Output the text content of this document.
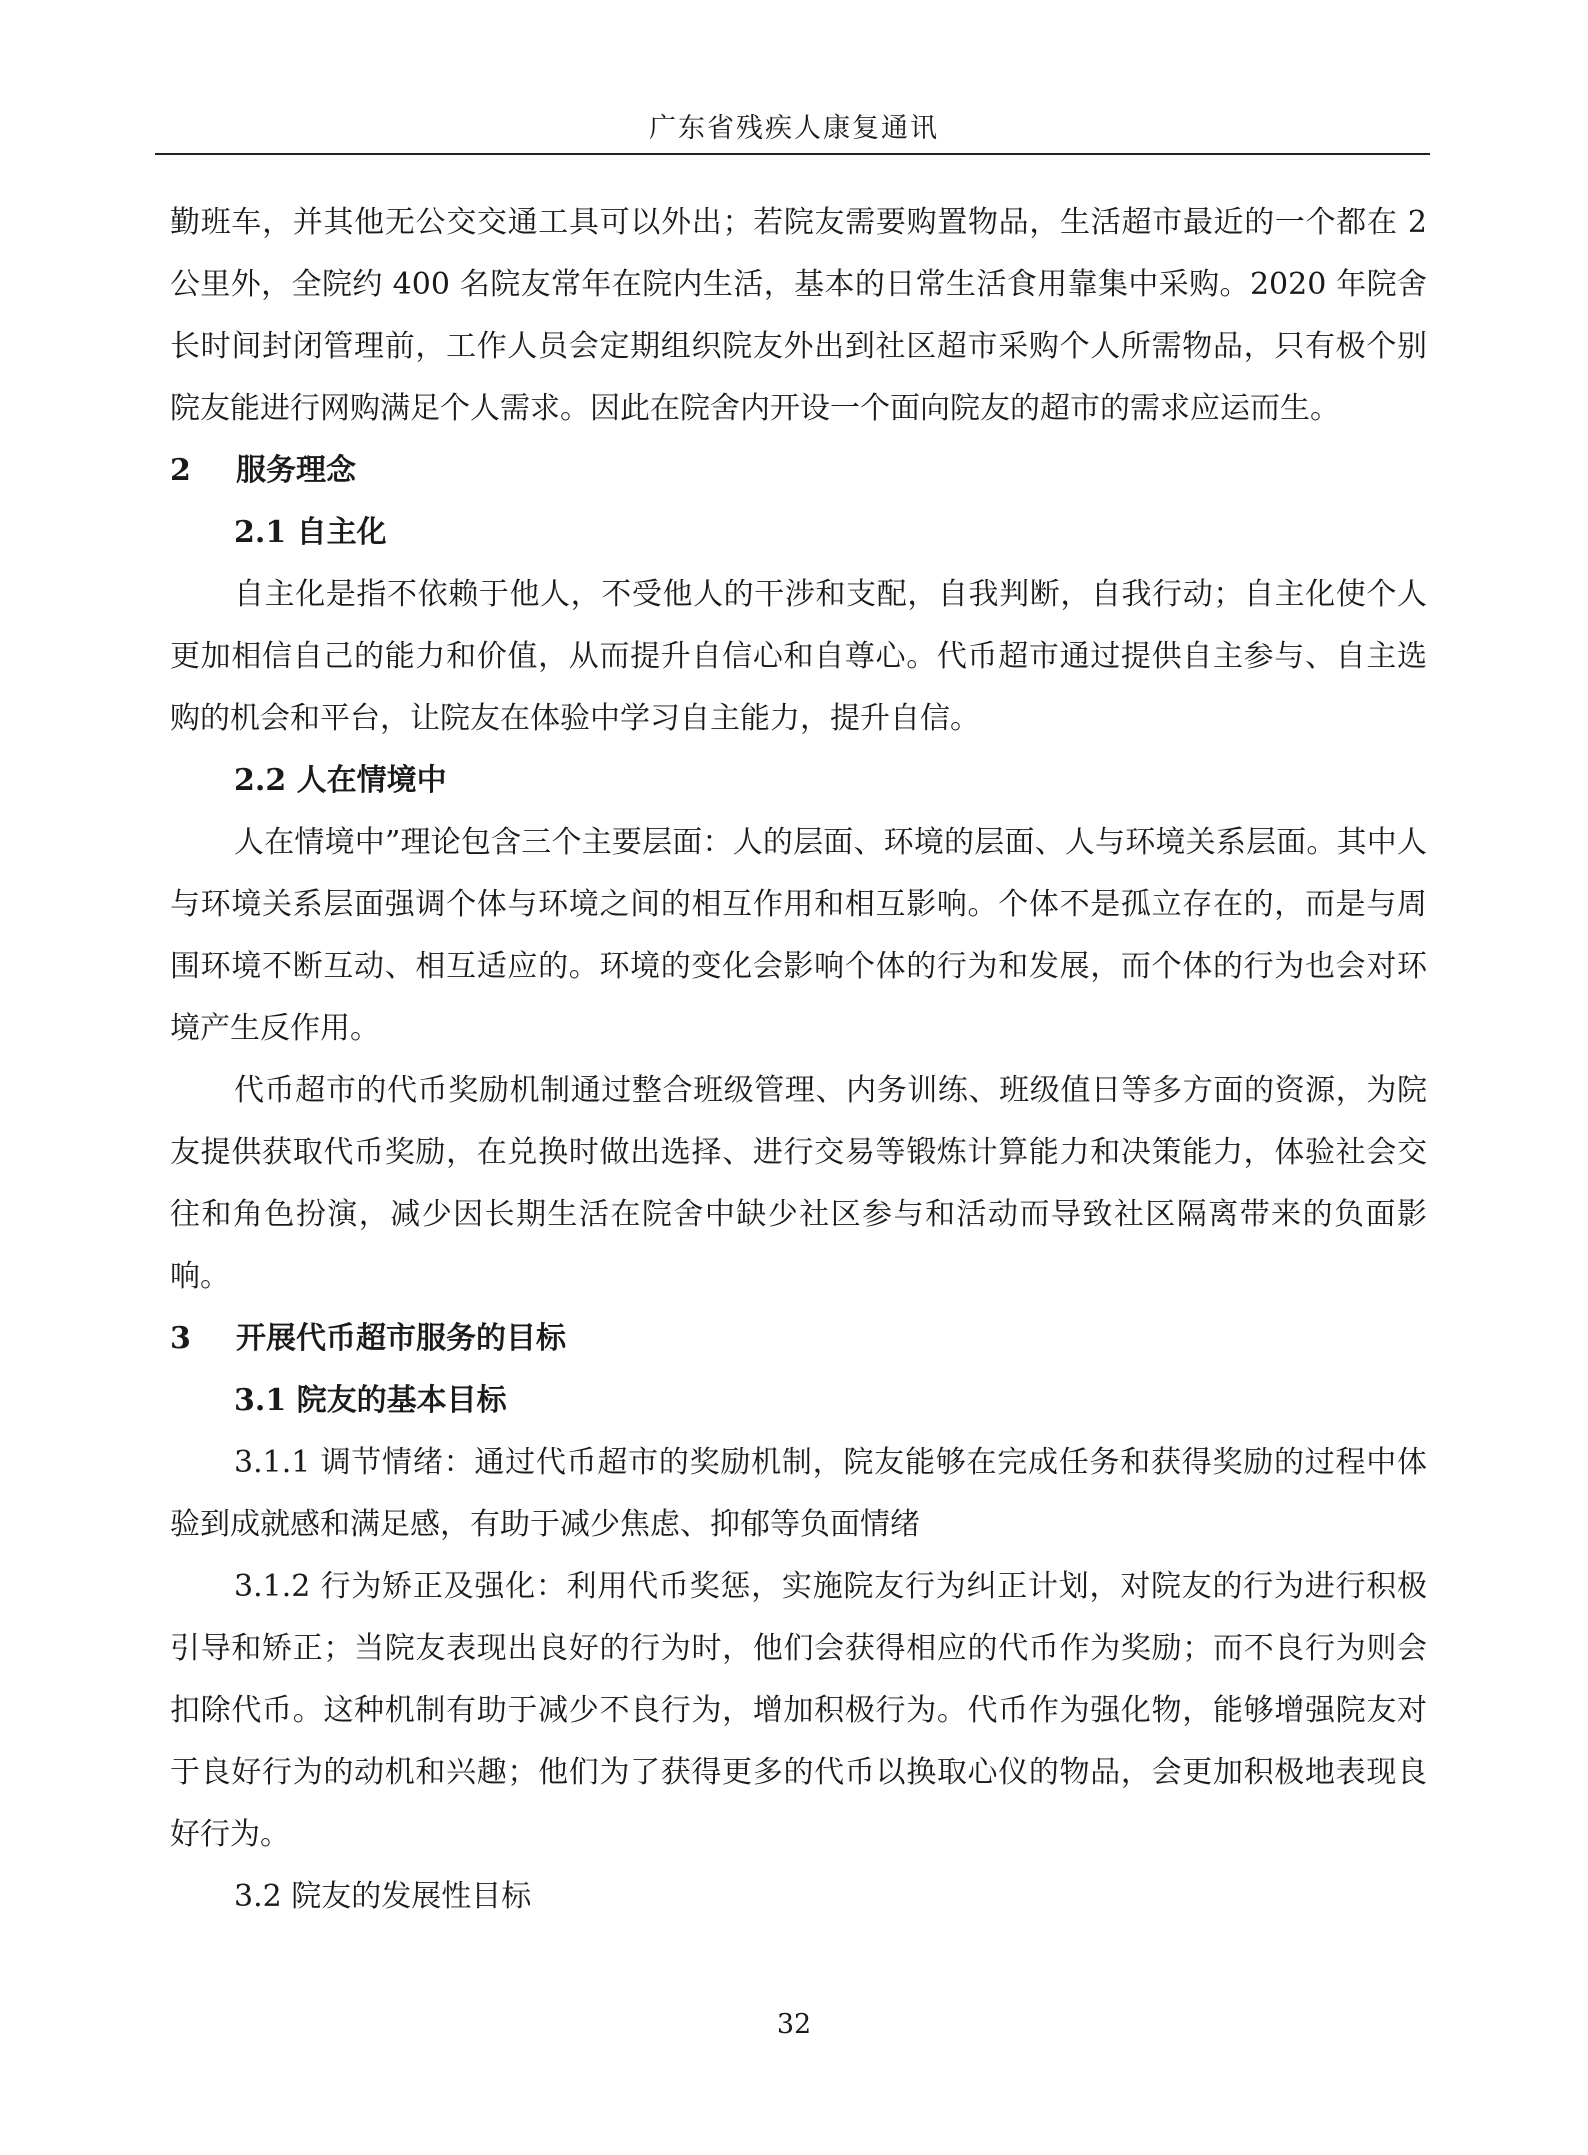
广东省残疾人康复通讯

勤班车，并其他无公交交通工具可以外出；若院友需要购置物品，生活超市最近的一个都在 2 公里外，全院约 400 名院友常年在院内生活，基本的日常生活食用靠集中采购。2020 年院舍长时间封闭管理前，工作人员会定期组织院友外出到社区超市采购个人所需物品，只有极个别院友能进行网购满足个人需求。因此在院舍内开设一个面向院友的超市的需求应运而生。

2 服务理念
2.1 自主化

自主化是指不依赖于他人，不受他人的干涉和支配，自我判断，自我行动；自主化使个人更加相信自己的能力和价值，从而提升自信心和自尊心。代币超市通过提供自主参与、自主选购的机会和平台，让院友在体验中学习自主能力，提升自信。

2.2 人在情境中

人在情境中”理论包含三个主要层面：人的层面、环境的层面、人与环境关系层面。其中人与环境关系层面强调个体与环境之间的相互作用和相互影响。个体不是孤立存在的，而是与周围环境不断互动、相互适应的。环境的变化会影响个体的行为和发展，而个体的行为也会对环境产生反作用。

代币超市的代币奖励机制通过整合班级管理、内务训练、班级值日等多方面的资源，为院友提供获取代币奖励，在兑换时做出选择、进行交易等锻炼计算能力和决策能力，体验社会交往和角色扮演，减少因长期生活在院舍中缺少社区参与和活动而导致社区隔离带来的负面影响。

3 开展代币超市服务的目标
3.1 院友的基本目标

3.1.1 调节情绪：通过代币超市的奖励机制，院友能够在完成任务和获得奖励的过程中体验到成就感和满足感，有助于减少焦虑、抑郁等负面情绪

3.1.2 行为矫正及强化：利用代币奖惩，实施院友行为纠正计划，对院友的行为进行积极引导和矫正；当院友表现出良好的行为时，他们会获得相应的代币作为奖励；而不良行为则会扣除代币。这种机制有助于减少不良行为，增加积极行为。代币作为强化物，能够增强院友对于良好行为的动机和兴趣；他们为了获得更多的代币以换取心仪的物品，会更加积极地表现良好行为。

3.2 院友的发展性目标

32
